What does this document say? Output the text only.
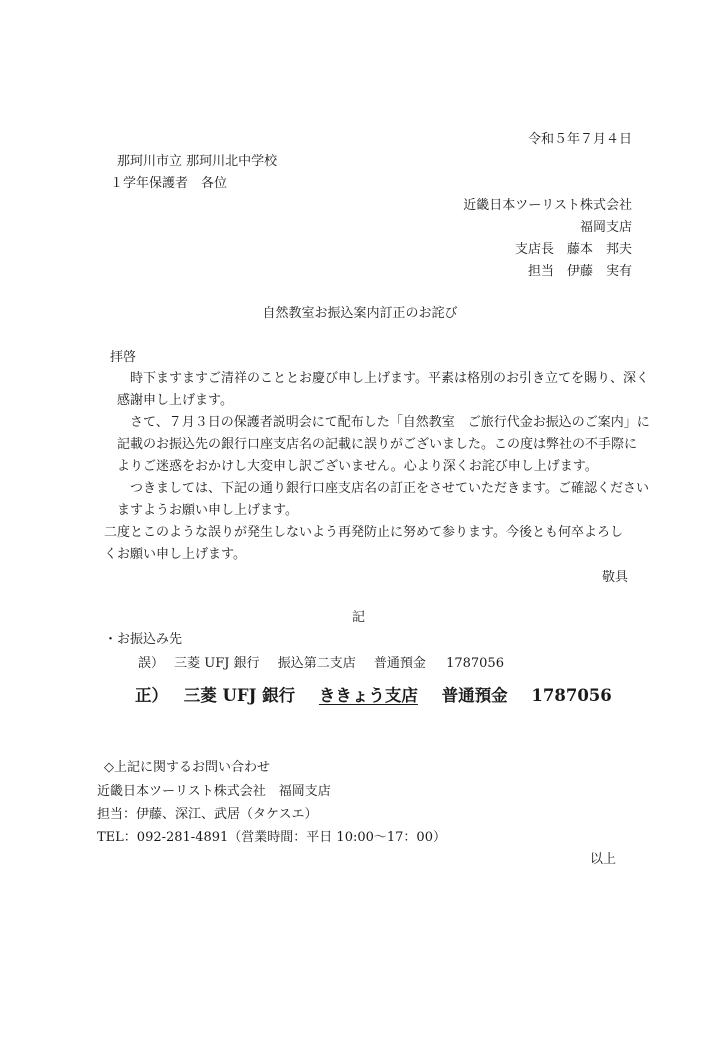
令和５年７月４日
那珂川市立 那珂川北中学校
１学年保護者　各位
近畿日本ツーリスト株式会社
福岡支店
支店長　藤本　邦夫
担当　伊藤　実有
自然教室お振込案内訂正のお詫び
拝啓
　時下ますますご清祥のこととお慶び申し上げます。平素は格別のお引き立てを賜り、深く
感謝申し上げます。
　さて、７月３日の保護者説明会にて配布した「自然教室　ご旅行代金お振込のご案内」に
記載のお振込先の銀行口座支店名の記載に誤りがございました。この度は弊社の不手際に
よりご迷惑をおかけし大変申し訳ございません。心より深くお詫び申し上げます。
　つきましては、下記の通り銀行口座支店名の訂正をさせていただきます。ご確認ください
ますようお願い申し上げます。
二度とこのような誤りが発生しないよう再発防止に努めて参ります。今後とも何卒よろし
くお願い申し上げます。
敬具
記
・お振込み先
誤） 三菱 UFJ 銀行 振込第二支店 普通預金 1787056
正） 三菱 UFJ 銀行 ききょう支店 普通預金 1787056
◇上記に関するお問い合わせ
近畿日本ツーリスト株式会社　福岡支店
担当：伊藤、深江、武居（タケスエ）
TEL：092-281-4891（営業時間：平日 10:00～17：00）
以上
